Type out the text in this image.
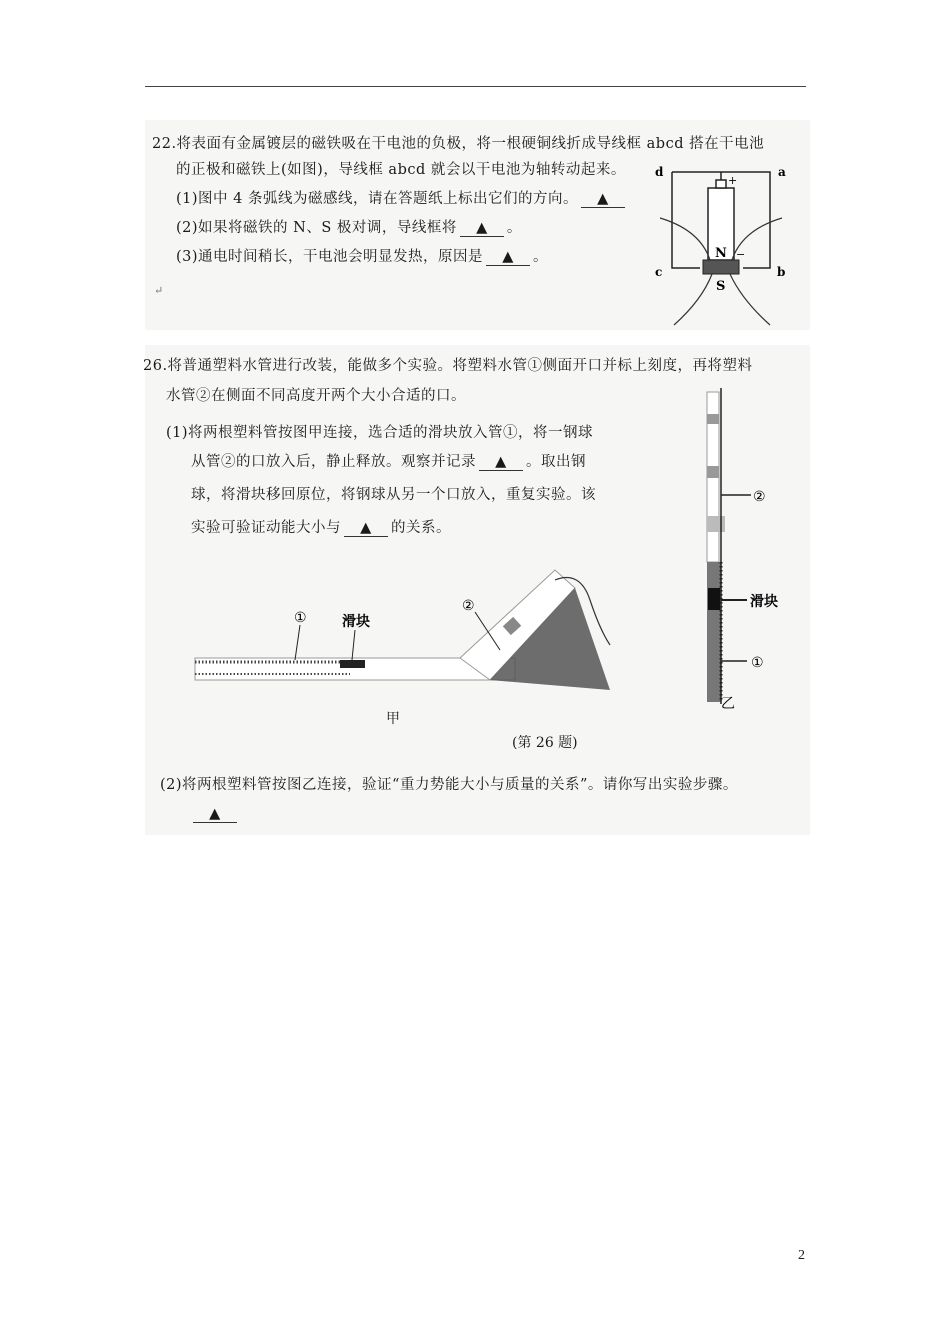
22.将表面有金属镀层的磁铁吸在干电池的负极，将一根硬铜线折成导线框 abcd 搭在干电池
的正极和磁铁上(如图)，导线框 abcd 就会以干电池为轴转动起来。
(1)图中 4 条弧线为磁感线，请在答题纸上标出它们的方向。 ▲
(2)如果将磁铁的 N、S 极对调，导线框将 ▲ 。
(3)通电时间稍长，干电池会明显发热，原因是 ▲ 。
↵
d	a
c	b
+
−
N
S
26.将普通塑料水管进行改装，能做多个实验。将塑料水管①侧面开口并标上刻度，再将塑料
水管②在侧面不同高度开两个大小合适的口。
(1)将两根塑料管按图甲连接，选合适的滑块放入管①，将一钢球
从管②的口放入后，静止释放。观察并记录 ▲ 。取出钢
球，将滑块移回原位，将钢球从另一个口放入，重复实验。该
实验可验证动能大小与 ▲ 的关系。
①	滑块
②
甲
(第 26 题)
②
滑块
①
乙
(2)将两根塑料管按图乙连接，验证“重力势能大小与质量的关系”。请你写出实验步骤。
▲
2
